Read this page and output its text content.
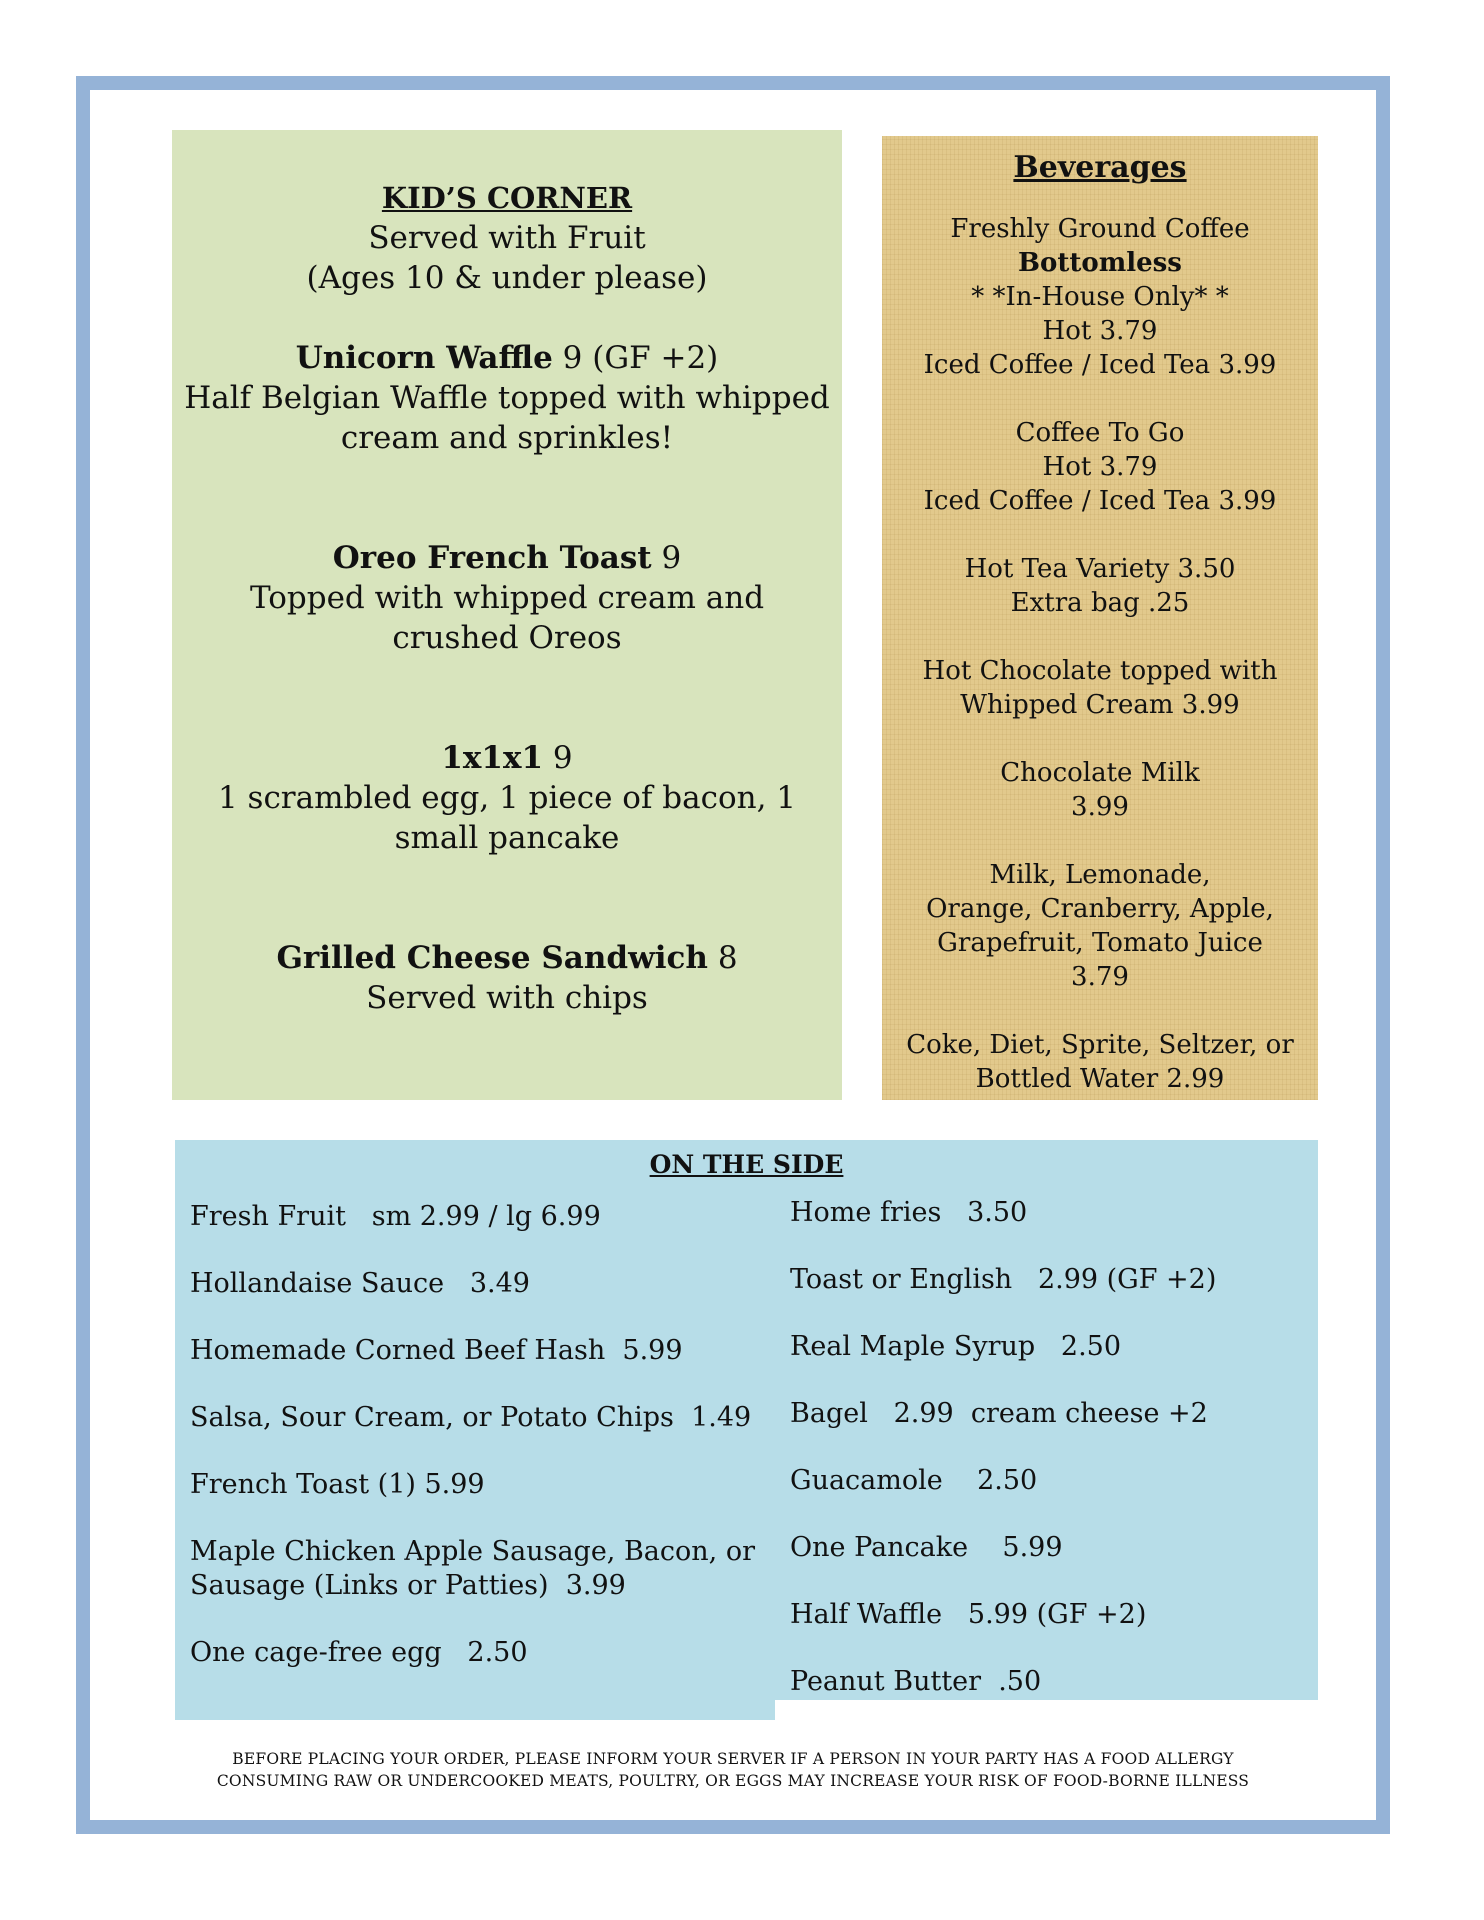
KID’S CORNER
Served with Fruit
(Ages 10 & under please)
Unicorn Waffle 9 (GF +2)
Half Belgian Waffle topped with whipped
cream and sprinkles!
Oreo French Toast 9
Topped with whipped cream and
crushed Oreos
1x1x1 9
1 scrambled egg, 1 piece of bacon, 1
small pancake
Grilled Cheese Sandwich 8
Served with chips
Beverages
Freshly Ground Coffee
Bottomless
* *In-House Only* *
Hot 3.79
Iced Coffee / Iced Tea 3.99
Coffee To Go
Hot 3.79
Iced Coffee / Iced Tea 3.99
Hot Tea Variety 3.50
Extra bag .25
Hot Chocolate topped with
Whipped Cream 3.99
Chocolate Milk
3.99
Milk, Lemonade,
Orange, Cranberry, Apple,
Grapefruit, Tomato Juice
3.79
Coke, Diet, Sprite, Seltzer, or
Bottled Water 2.99
ON THE SIDE
Fresh Fruit   sm 2.99 / lg 6.99
Hollandaise Sauce   3.49
Homemade Corned Beef Hash  5.99
Salsa, Sour Cream, or Potato Chips  1.49
French Toast (1) 5.99
Maple Chicken Apple Sausage, Bacon, or
Sausage (Links or Patties)  3.99
One cage-free egg   2.50
Home fries   3.50
Toast or English   2.99 (GF +2)
Real Maple Syrup   2.50
Bagel   2.99  cream cheese +2
Guacamole    2.50
One Pancake    5.99
Half Waffle   5.99 (GF +2)
Peanut Butter  .50
BEFORE PLACING YOUR ORDER, PLEASE INFORM YOUR SERVER IF A PERSON IN YOUR PARTY HAS A FOOD ALLERGY
CONSUMING RAW OR UNDERCOOKED MEATS, POULTRY, OR EGGS MAY INCREASE YOUR RISK OF FOOD-BORNE ILLNESS
